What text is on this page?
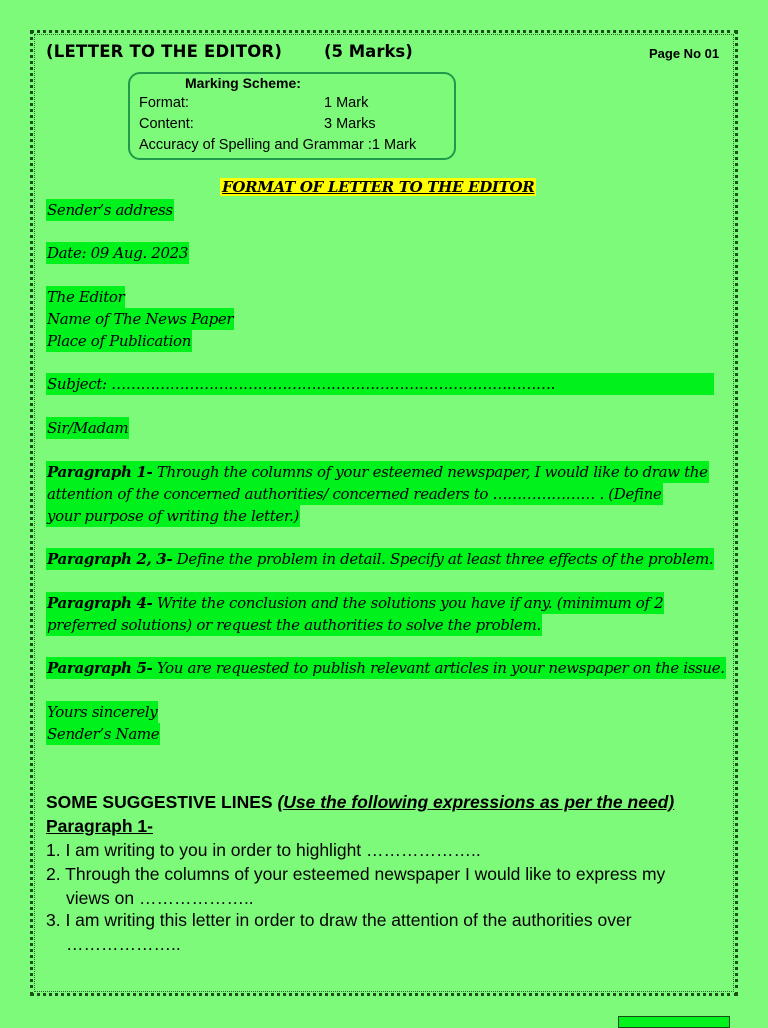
(LETTER TO THE EDITOR)	(5 Marks)	Page No 01
Marking Scheme:
Format:	1 Mark
Content:	3 Marks
Accuracy of Spelling and Grammar :1 Mark
FORMAT OF LETTER TO THE EDITOR
Sender’s address
Date: 09 Aug. 2023
The Editor
Name of The News Paper
Place of Publication
Subject: ……………………………………………………………………………….
Sir/Madam
Paragraph 1- Through the columns of your esteemed newspaper, I would like to draw the
attention of the concerned authorities/ concerned readers to ………………… . (Define
your purpose of writing the letter.)
Paragraph 2, 3- Define the problem in detail. Specify at least three effects of the problem.
Paragraph 4- Write the conclusion and the solutions you have if any. (minimum of 2
preferred solutions) or request the authorities to solve the problem.
Paragraph 5- You are requested to publish relevant articles in your newspaper on the issue.
Yours sincerely
Sender’s Name
SOME SUGGESTIVE LINES (Use the following expressions as per the need)
Paragraph 1-
1. I am writing to you in order to highlight ………………..
2. Through the columns of your esteemed newspaper I would like to express my
views on ………………..
3. I am writing this letter in order to draw the attention of the authorities over
………………..
